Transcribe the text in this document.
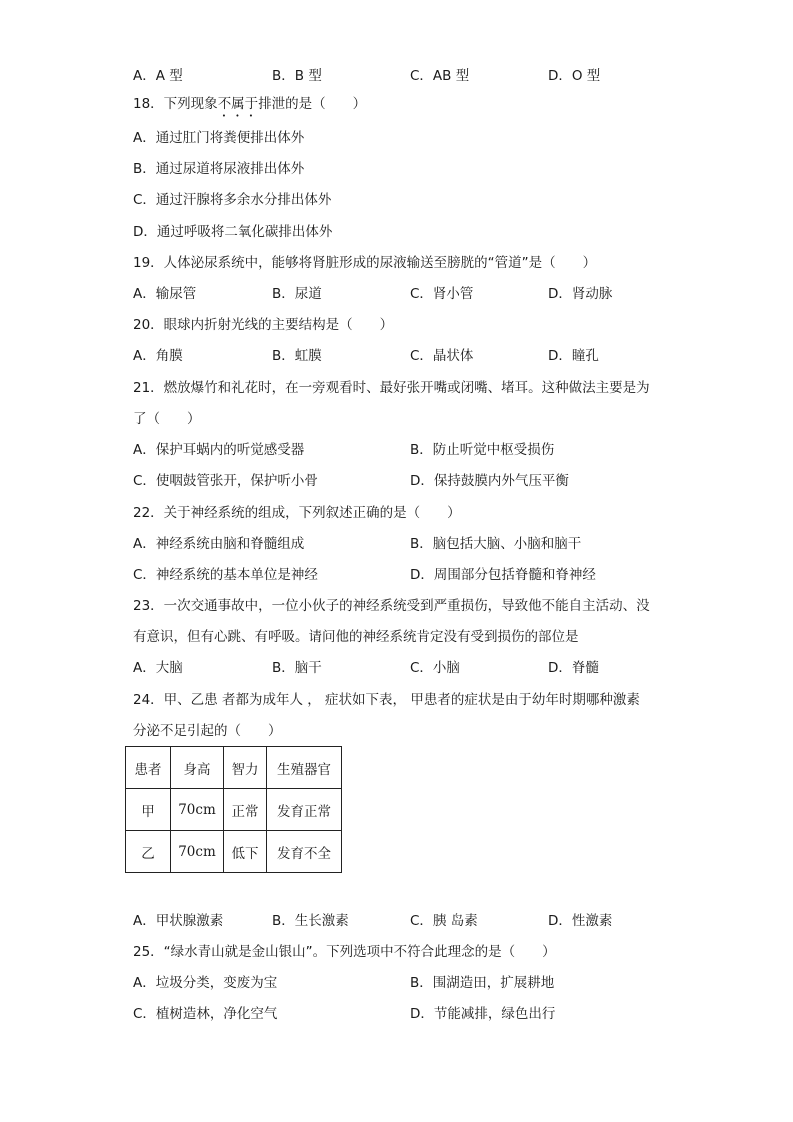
A．A 型	B．B 型	C．AB 型	D．O 型
18．下列现象不属于排泄的是（　　）
A．通过肛门将粪便排出体外
B．通过尿道将尿液排出体外
C．通过汗腺将多余水分排出体外
D．通过呼吸将二氧化碳排出体外
19．人体泌尿系统中，能够将肾脏形成的尿液输送至膀胱的“管道”是（　　）
A．输尿管	B．尿道	C．肾小管	D．肾动脉
20．眼球内折射光线的主要结构是（　　）
A．角膜	B．虹膜	C．晶状体	D．瞳孔
21．燃放爆竹和礼花时，在一旁观看时、最好张开嘴或闭嘴、堵耳。这种做法主要是为
了（　　）
A．保护耳蜗内的听觉感受器	B．防止听觉中枢受损伤
C．使咽鼓管张开，保护听小骨	D．保持鼓膜内外气压平衡
22．关于神经系统的组成，下列叙述正确的是（　　）
A．神经系统由脑和脊髓组成	B．脑包括大脑、小脑和脑干
C．神经系统的基本单位是神经	D．周围部分包括脊髓和脊神经
23．一次交通事故中，一位小伙子的神经系统受到严重损伤，导致他不能自主活动、没
有意识，但有心跳、有呼吸。请问他的神经系统肯定没有受到损伤的部位是
A．大脑	B．脑干	C．小脑	D．脊髓
24．甲、乙患 者都为成年人 ， 症状如下表， 甲患者的症状是由于幼年时期哪种激素
分泌不足引起的（　　）
患者	身高	智力	生殖器官
甲	70cm	正常	发育正常
乙	70cm	低下	发育不全
A．甲状腺激素	B．生长激素	C．胰 岛素	D．性激素
25．“绿水青山就是金山银山”。下列选项中不符合此理念的是（　　）
A．垃圾分类，变废为宝	B．围湖造田，扩展耕地
C．植树造林，净化空气	D．节能减排，绿色出行
